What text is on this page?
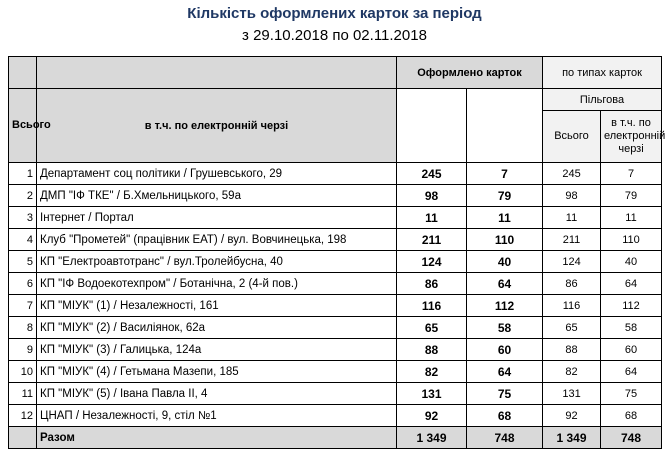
Кількість оформлених карток за період
з 29.10.2018 по 02.11.2018
		Оформлено карток		по типах карток	
Всього	в т.ч. по електронній черзі			Пільгова	
				Всього	в т.ч. по електронній черзі

1	Департамент соц політики / Грушевського, 29	245	7	245	7
2	ДМП "ІФ ТКЕ" / Б.Хмельницького, 59а	98	79	98	79
3	Інтернет / Портал	11	11	11	11
4	Клуб "Прометей" (працівник ЕАТ) / вул. Вовчинецька, 198	211	110	211	110
5	КП "Електроавтотранс" / вул.Тролейбусна, 40	124	40	124	40
6	КП "ІФ Водоекотехпром" / Ботанічна, 2 (4-й пов.)	86	64	86	64
7	КП "МІУК" (1) / Незалежності, 161	116	112	116	112
8	КП "МІУК" (2) / Василіянок, 62а	65	58	65	58
9	КП "МІУК" (3) / Галицька, 124а	88	60	88	60
10	КП "МІУК" (4) / Гетьмана Мазепи, 185	82	64	82	64
11	КП "МІУК" (5) / Івана Павла II, 4	131	75	131	75
12	ЦНАП / Незалежності, 9, стіл №1	92	68	92	68
	Разом	1 349	748	1 349	748
